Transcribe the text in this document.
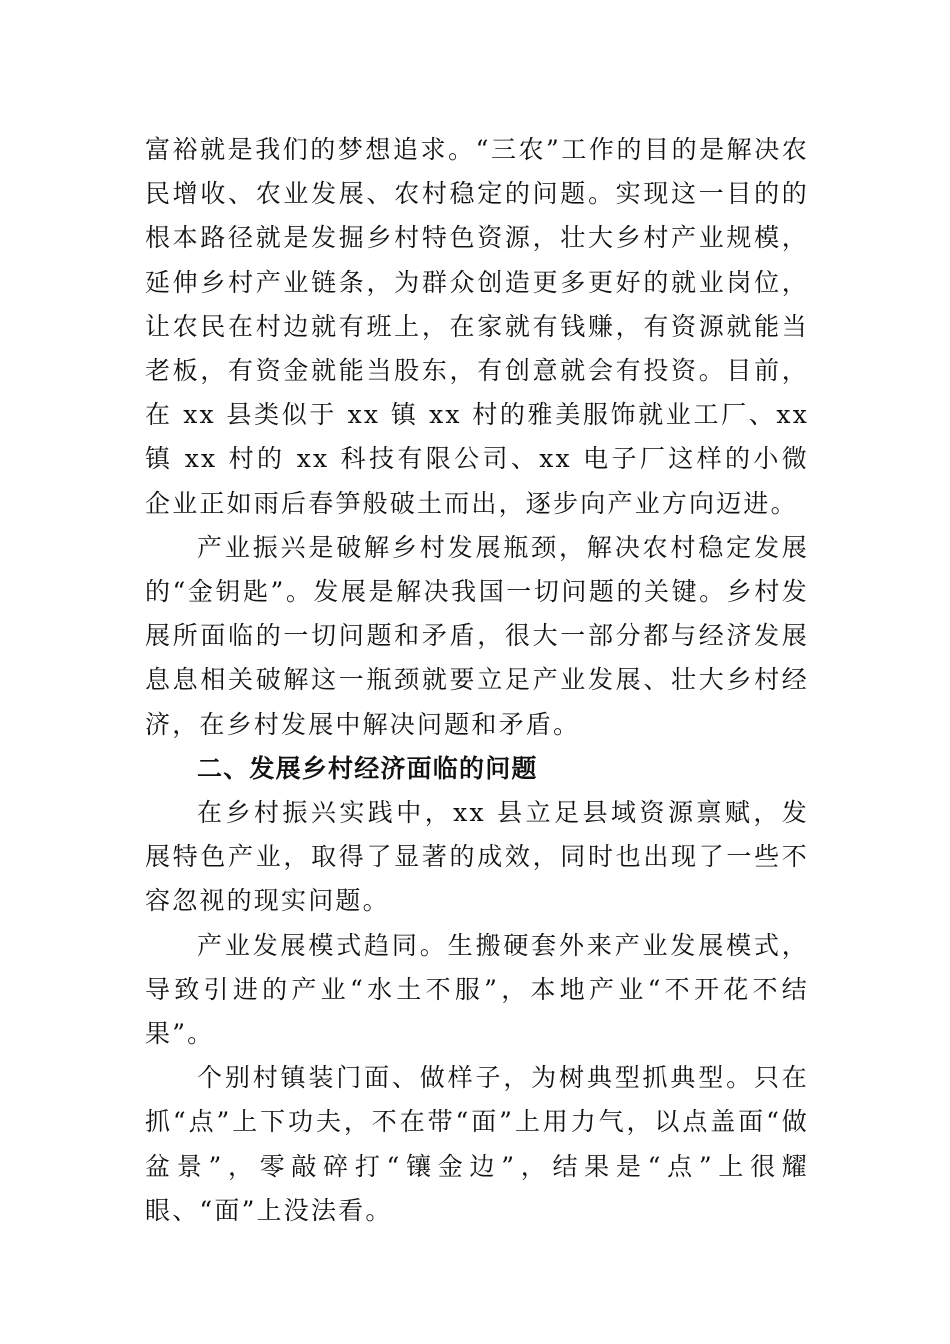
富裕就是我们的梦想追求。“三农”工作的目的是解决农民增收、农业发展、农村稳定的问题。实现这一目的的根本路径就是发掘乡村特色资源，壮大乡村产业规模，延伸乡村产业链条，为群众创造更多更好的就业岗位，让农民在村边就有班上，在家就有钱赚，有资源就能当老板，有资金就能当股东，有创意就会有投资。目前，在 xx 县类似于 xx 镇 xx 村的雅美服饰就业工厂、xx 镇 xx 村的 xx 科技有限公司、xx 电子厂这样的小微企业正如雨后春笋般破土而出，逐步向产业方向迈进。

产业振兴是破解乡村发展瓶颈，解决农村稳定发展的“金钥匙”。发展是解决我国一切问题的关键。乡村发展所面临的一切问题和矛盾，很大一部分都与经济发展息息相关破解这一瓶颈就要立足产业发展、壮大乡村经济，在乡村发展中解决问题和矛盾。

二、发展乡村经济面临的问题

在乡村振兴实践中，xx 县立足县域资源禀赋，发展特色产业，取得了显著的成效，同时也出现了一些不容忽视的现实问题。

产业发展模式趋同。生搬硬套外来产业发展模式，导致引进的产业“水土不服”，本地产业“不开花不结果”。

个别村镇装门面、做样子，为树典型抓典型。只在抓“点”上下功夫，不在带“面”上用力气，以点盖面“做盆景”，零敲碎打“镶金边”，结果是“点”上很耀眼、“面”上没法看。
